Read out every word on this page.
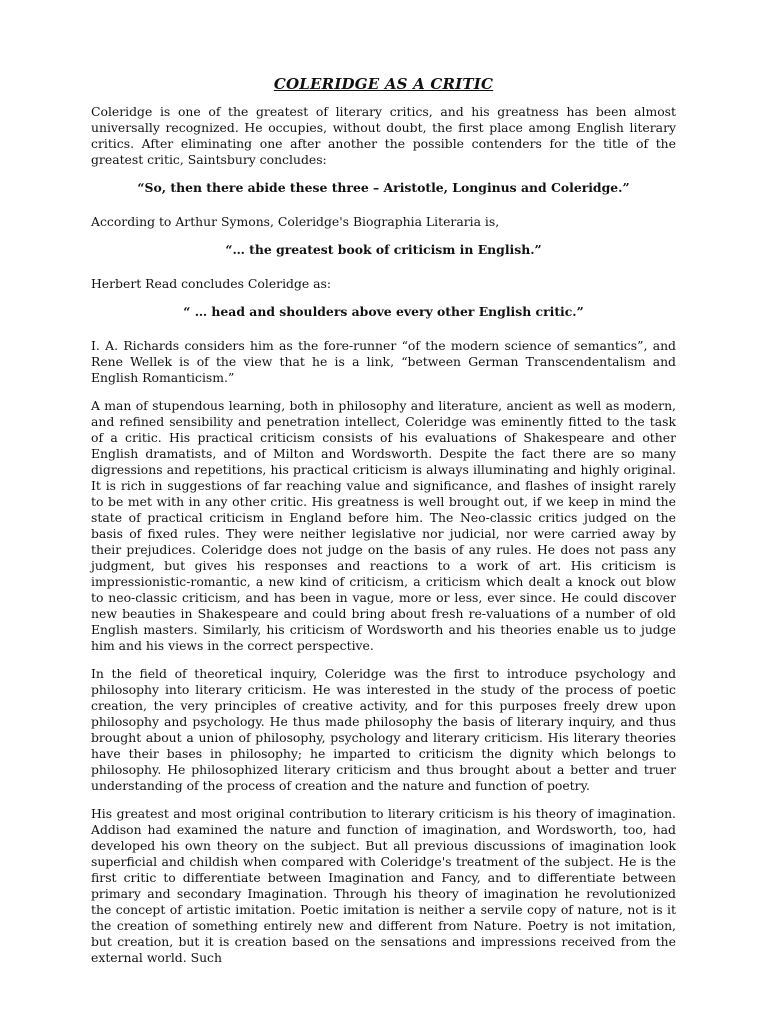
COLERIDGE AS A CRITIC

Coleridge is one of the greatest of literary critics, and his greatness has been almost universally recognized. He occupies, without doubt, the first place among English literary critics. After eliminating one after another the possible contenders for the title of the greatest critic, Saintsbury concludes:

“So, then there abide these three – Aristotle, Longinus and Coleridge.”

According to Arthur Symons, Coleridge's Biographia Literaria is,

“… the greatest book of criticism in English.”

Herbert Read concludes Coleridge as:

“ … head and shoulders above every other English critic.”

I. A. Richards considers him as the fore-runner “of the modern science of semantics”, and Rene Wellek is of the view that he is a link, “between German Transcendentalism and English Romanticism.”

A man of stupendous learning, both in philosophy and literature, ancient as well as modern, and refined sensibility and penetration intellect, Coleridge was eminently fitted to the task of a critic. His practical criticism consists of his evaluations of Shakespeare and other English dramatists, and of Milton and Wordsworth. Despite the fact there are so many digressions and repetitions, his practical criticism is always illuminating and highly original. It is rich in suggestions of far reaching value and significance, and flashes of insight rarely to be met with in any other critic. His greatness is well brought out, if we keep in mind the state of practical criticism in England before him. The Neo-classic critics judged on the basis of fixed rules. They were neither legislative nor judicial, nor were carried away by their prejudices. Coleridge does not judge on the basis of any rules. He does not pass any judgment, but gives his responses and reactions to a work of art. His criticism is impressionistic-romantic, a new kind of criticism, a criticism which dealt a knock out blow to neo-classic criticism, and has been in vague, more or less, ever since. He could discover new beauties in Shakespeare and could bring about fresh re-valuations of a number of old English masters. Similarly, his criticism of Wordsworth and his theories enable us to judge him and his views in the correct perspective.

In the field of theoretical inquiry, Coleridge was the first to introduce psychology and philosophy into literary criticism. He was interested in the study of the process of poetic creation, the very principles of creative activity, and for this purposes freely drew upon philosophy and psychology. He thus made philosophy the basis of literary inquiry, and thus brought about a union of philosophy, psychology and literary criticism. His literary theories have their bases in philosophy; he imparted to criticism the dignity which belongs to philosophy. He philosophized literary criticism and thus brought about a better and truer understanding of the process of creation and the nature and function of poetry.

His greatest and most original contribution to literary criticism is his theory of imagination. Addison had examined the nature and function of imagination, and Wordsworth, too, had developed his own theory on the subject. But all previous discussions of imagination look superficial and childish when compared with Coleridge's treatment of the subject. He is the first critic to differentiate between Imagination and Fancy, and to differentiate between primary and secondary Imagination. Through his theory of imagination he revolutionized the concept of artistic imitation. Poetic imitation is neither a servile copy of nature, not is it the creation of something entirely new and different from Nature. Poetry is not imitation, but creation, but it is creation based on the sensations and impressions received from the external world. Such
